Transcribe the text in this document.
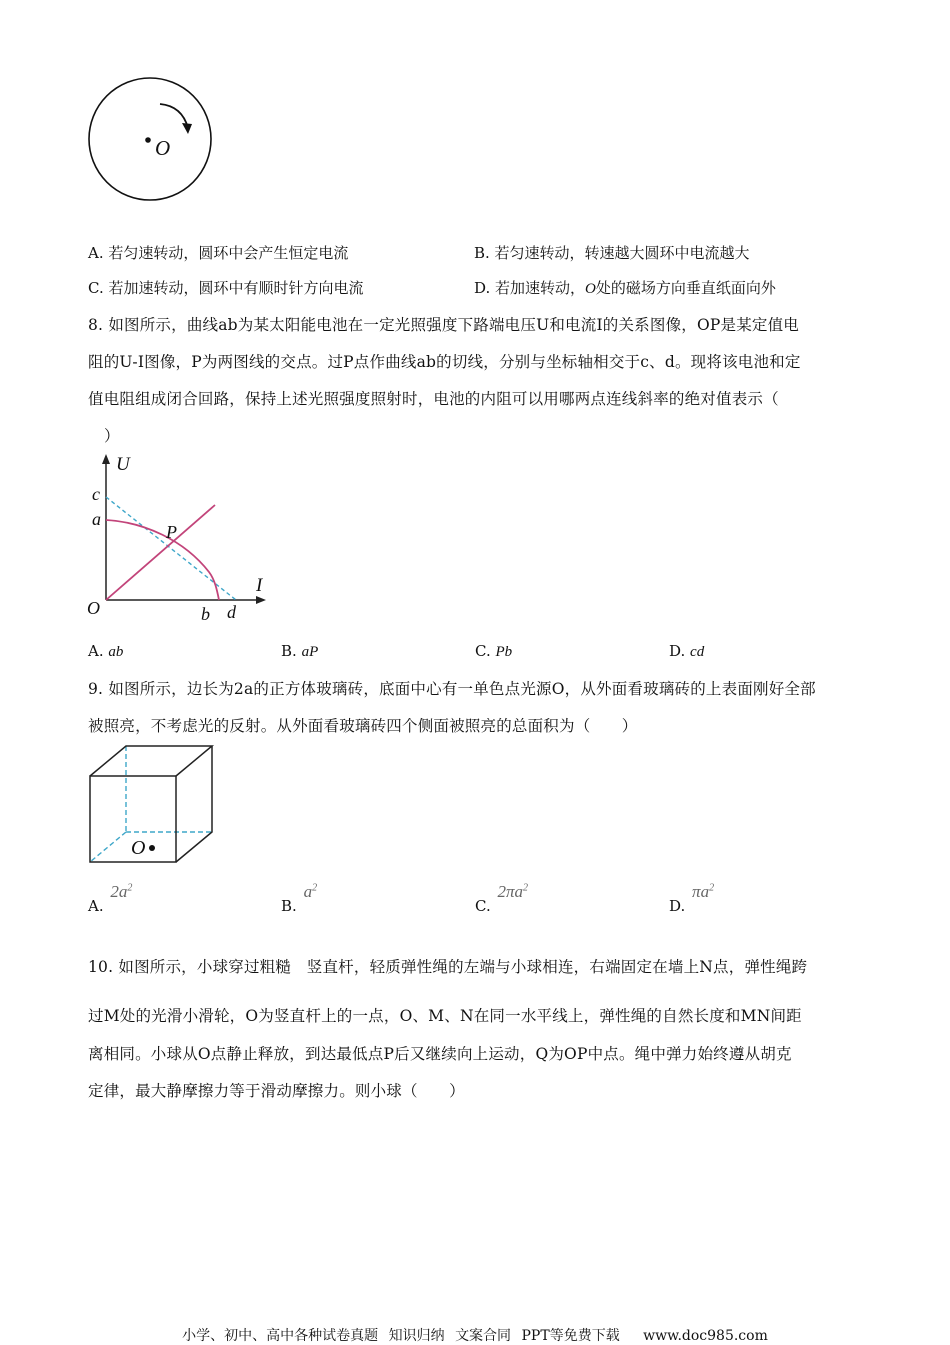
O
A. 若匀速转动，圆环中会产生恒定电流	B. 若匀速转动，转速越大圆环中电流越大
C. 若加速转动，圆环中有顺时针方向电流	D. 若加速转动，O处的磁场方向垂直纸面向外
8. 如图所示，曲线ab为某太阳能电池在一定光照强度下路端电压U和电流I的关系图像，OP是某定值电
阻的U-I图像，P为两图线的交点。过P点作曲线ab的切线，分别与坐标轴相交于c、d。现将该电池和定
值电阻组成闭合回路，保持上述光照强度照射时，电池的内阻可以用哪两点连线斜率的绝对值表示（
）
U
I
c
a
P
O	b d
A. ab	B. aP	C. Pb	D. cd
9. 如图所示，边长为2a的正方体玻璃砖，底面中心有一单色点光源O，从外面看玻璃砖的上表面刚好全部
被照亮，不考虑光的反射。从外面看玻璃砖四个侧面被照亮的总面积为（　　）
O
A. $2a^2$
B. $a^2$
C. $2\pi a^2$
D. $\pi a^2$
10. 如图所示，小球穿过粗糙　竖直杆，轻质弹性绳的左端与小球相连，右端固定在墙上N点，弹性绳跨
过M处的光滑小滑轮，O为竖直杆上的一点，O、M、N在同一水平线上，弹性绳的自然长度和MN间距
离相同。小球从O点静止释放，到达最低点P后又继续向上运动，Q为OP中点。绳中弹力始终遵从胡克
定律，最大静摩擦力等于滑动摩擦力。则小球（　　）
小学、初中、高中各种试卷真题 知识归纳 文案合同 PPT等免费下载 www.doc985.com
